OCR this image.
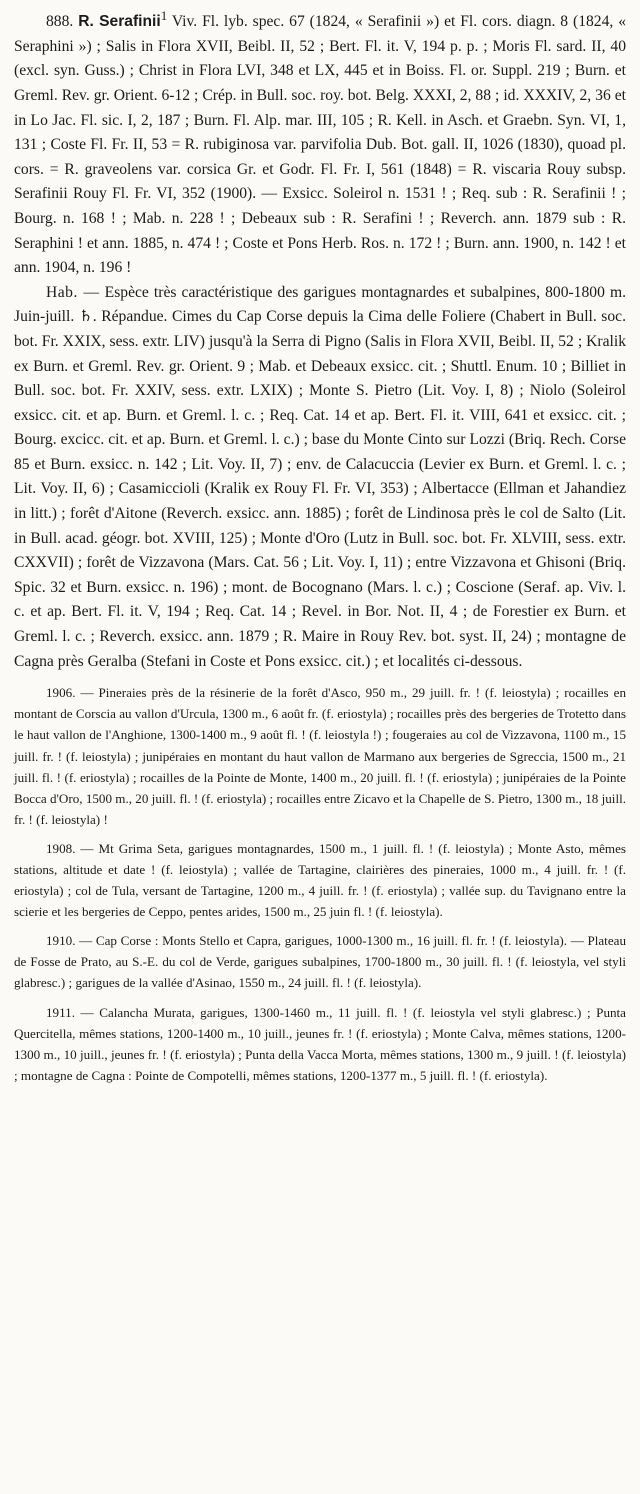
888. R. Serafinii$^1$ Viv. Fl. lyb. spec. 67 (1824, « Serafinii ») et Fl. cors. diagn. 8 (1824, « Seraphini ») ; Salis in Flora XVII, Beibl. II, 52 ; Bert. Fl. it. V, 194 p. p. ; Moris Fl. sard. II, 40 (excl. syn. Guss.) ; Christ in Flora LVI, 348 et LX, 445 et in Boiss. Fl. or. Suppl. 219 ; Burn. et Greml. Rev. gr. Orient. 6-12 ; Crép. in Bull. soc. roy. bot. Belg. XXXI, 2, 88 ; id. XXXIV, 2, 36 et in Lo Jac. Fl. sic. I, 2, 187 ; Burn. Fl. Alp. mar. III, 105 ; R. Kell. in Asch. et Graebn. Syn. VI, 1, 131 ; Coste Fl. Fr. II, 53 = R. rubiginosa var. parvifolia Dub. Bot. gall. II, 1026 (1830), quoad pl. cors. = R. graveolens var. corsica Gr. et Godr. Fl. Fr. I, 561 (1848) = R. viscaria Rouy subsp. Serafinii Rouy Fl. Fr. VI, 352 (1900). — Exsicc. Soleirol n. 1531 ! ; Req. sub : R. Serafinii ! ; Bourg. n. 168 ! ; Mab. n. 228 ! ; Debeaux sub : R. Serafini ! ; Reverch. ann. 1879 sub : R. Seraphini ! et ann. 1885, n. 474 ! ; Coste et Pons Herb. Ros. n. 172 ! ; Burn. ann. 1900, n. 142 ! et ann. 1904, n. 196 !

Hab. — Espèce très caractéristique des garigues montagnardes et subalpines, 800-1800 m. Juin-juill. ♄. Répandue. Cimes du Cap Corse depuis la Cima delle Foliere (Chabert in Bull. soc. bot. Fr. XXIX, sess. extr. LIV) jusqu'à la Serra di Pigno (Salis in Flora XVII, Beibl. II, 52 ; Kralik ex Burn. et Greml. Rev. gr. Orient. 9 ; Mab. et Debeaux exsicc. cit. ; Shuttl. Enum. 10 ; Billiet in Bull. soc. bot. Fr. XXIV, sess. extr. LXIX) ; Monte S. Pietro (Lit. Voy. I, 8) ; Niolo (Soleirol exsicc. cit. et ap. Burn. et Greml. l. c. ; Req. Cat. 14 et ap. Bert. Fl. it. VIII, 641 et exsicc. cit. ; Bourg. excicc. cit. et ap. Burn. et Greml. l. c.) ; base du Monte Cinto sur Lozzi (Briq. Rech. Corse 85 et Burn. exsicc. n. 142 ; Lit. Voy. II, 7) ; env. de Calacuccia (Levier ex Burn. et Greml. l. c. ; Lit. Voy. II, 6) ; Casamiccioli (Kralik ex Rouy Fl. Fr. VI, 353) ; Albertacce (Ellman et Jahandiez in litt.) ; forêt d'Aitone (Reverch. exsicc. ann. 1885) ; forêt de Lindinosa près le col de Salto (Lit. in Bull. acad. géogr. bot. XVIII, 125) ; Monte d'Oro (Lutz in Bull. soc. bot. Fr. XLVIII, sess. extr. CXXVII) ; forêt de Vizzavona (Mars. Cat. 56 ; Lit. Voy. I, 11) ; entre Vizzavona et Ghisoni (Briq. Spic. 32 et Burn. exsicc. n. 196) ; mont. de Bocognano (Mars. l. c.) ; Coscione (Seraf. ap. Viv. l. c. et ap. Bert. Fl. it. V, 194 ; Req. Cat. 14 ; Revel. in Bor. Not. II, 4 ; de Forestier ex Burn. et Greml. l. c. ; Reverch. exsicc. ann. 1879 ; R. Maire in Rouy Rev. bot. syst. II, 24) ; montagne de Cagna près Geralba (Stefani in Coste et Pons exsicc. cit.) ; et localités ci-dessous.

1906. — Pineraies près de la résinerie de la forêt d'Asco, 950 m., 29 juill. fr. ! (f. leiostyla) ; rocailles en montant de Corscia au vallon d'Urcula, 1300 m., 6 août fr. (f. eriostyla) ; rocailles près des bergeries de Trotetto dans le haut vallon de l'Anghione, 1300-1400 m., 9 août fl. ! (f. leiostyla !) ; fougeraies au col de Vizzavona, 1100 m., 15 juill. fr. ! (f. leiostyla) ; junipéraies en montant du haut vallon de Marmano aux bergeries de Sgreccia, 1500 m., 21 juill. fl. ! (f. eriostyla) ; rocailles de la Pointe de Monte, 1400 m., 20 juill. fl. ! (f. eriostyla) ; junipéraies de la Pointe Bocca d'Oro, 1500 m., 20 juill. fl. ! (f. eriostyla) ; rocailles entre Zicavo et la Chapelle de S. Pietro, 1300 m., 18 juill. fr. ! (f. leiostyla) !

1908. — Mt Grima Seta, garigues montagnardes, 1500 m., 1 juill. fl. ! (f. leiostyla) ; Monte Asto, mêmes stations, altitude et date ! (f. leiostyla) ; vallée de Tartagine, clairières des pineraies, 1000 m., 4 juill. fr. ! (f. eriostyla) ; col de Tula, versant de Tartagine, 1200 m., 4 juill. fr. ! (f. eriostyla) ; vallée sup. du Tavignano entre la scierie et les bergeries de Ceppo, pentes arides, 1500 m., 25 juin fl. ! (f. leiostyla).

1910. — Cap Corse : Monts Stello et Capra, garigues, 1000-1300 m., 16 juill. fl. fr. ! (f. leiostyla). — Plateau de Fosse de Prato, au S.-E. du col de Verde, garigues subalpines, 1700-1800 m., 30 juill. fl. ! (f. leiostyla, vel styli glabresc.) ; garigues de la vallée d'Asinao, 1550 m., 24 juill. fl. ! (f. leiostyla).

1911. — Calancha Murata, garigues, 1300-1460 m., 11 juill. fl. ! (f. leiostyla vel styli glabresc.) ; Punta Quercitella, mêmes stations, 1200-1400 m., 10 juill., jeunes fr. ! (f. eriostyla) ; Monte Calva, mêmes stations, 1200-1300 m., 10 juill., jeunes fr. ! (f. eriostyla) ; Punta della Vacca Morta, mêmes stations, 1300 m., 9 juill. ! (f. leiostyla) ; montagne de Cagna : Pointe de Compotelli, mêmes stations, 1200-1377 m., 5 juill. fl. ! (f. eriostyla).
